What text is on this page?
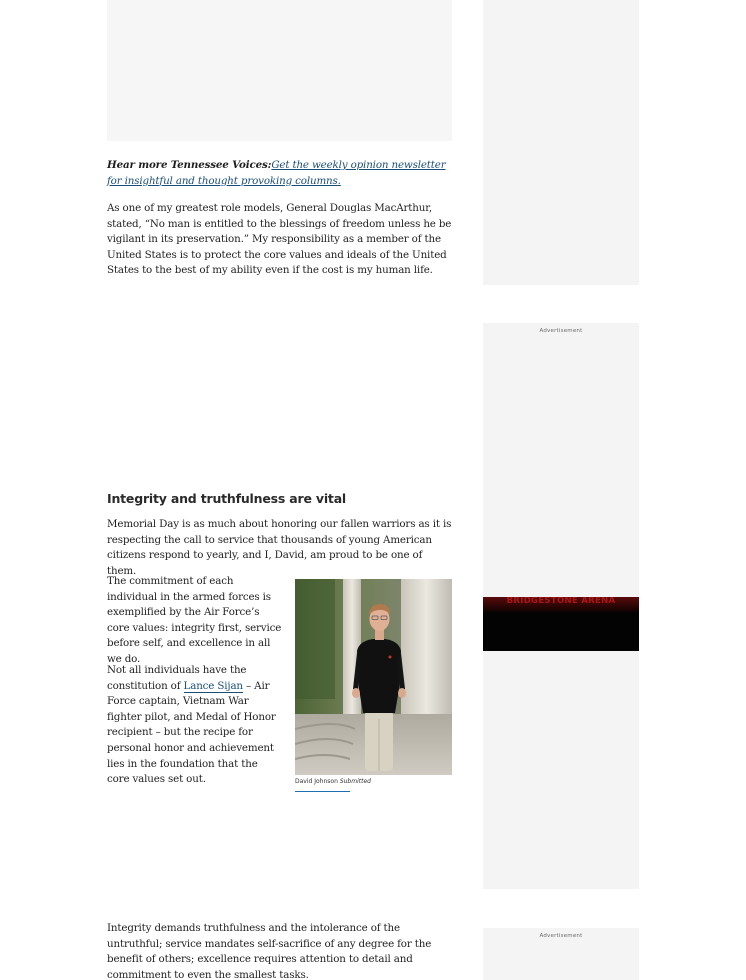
Advertisement
BRIDGESTONE ARENA
Advertisement

Hear more Tennessee Voices:Get the weekly opinion newsletter for insightful and thought provoking columns.

As one of my greatest role models, General Douglas MacArthur, stated, “No man is entitled to the blessings of freedom unless he be vigilant in its preservation.” My responsibility as a member of the United States is to protect the core values and ideals of the United States to the best of my ability even if the cost is my human life.

Integrity and truthfulness are vital

Memorial Day is as much about honoring our fallen warriors as it is respecting the call to service that thousands of young American citizens respond to yearly, and I, David, am proud to be one of them.

The commitment of each individual in the armed forces is exemplified by the Air Force’s core values: integrity first, service before self, and excellence in all we do.

Not all individuals have the constitution of Lance Sijan – Air Force captain, Vietnam War fighter pilot, and Medal of Honor recipient – but the recipe for personal honor and achievement lies in the foundation that the core values set out.	David Johnson Submitted

Integrity demands truthfulness and the intolerance of the untruthful; service mandates self-sacrifice of any degree for the benefit of others; excellence requires attention to detail and commitment to even the smallest tasks.
